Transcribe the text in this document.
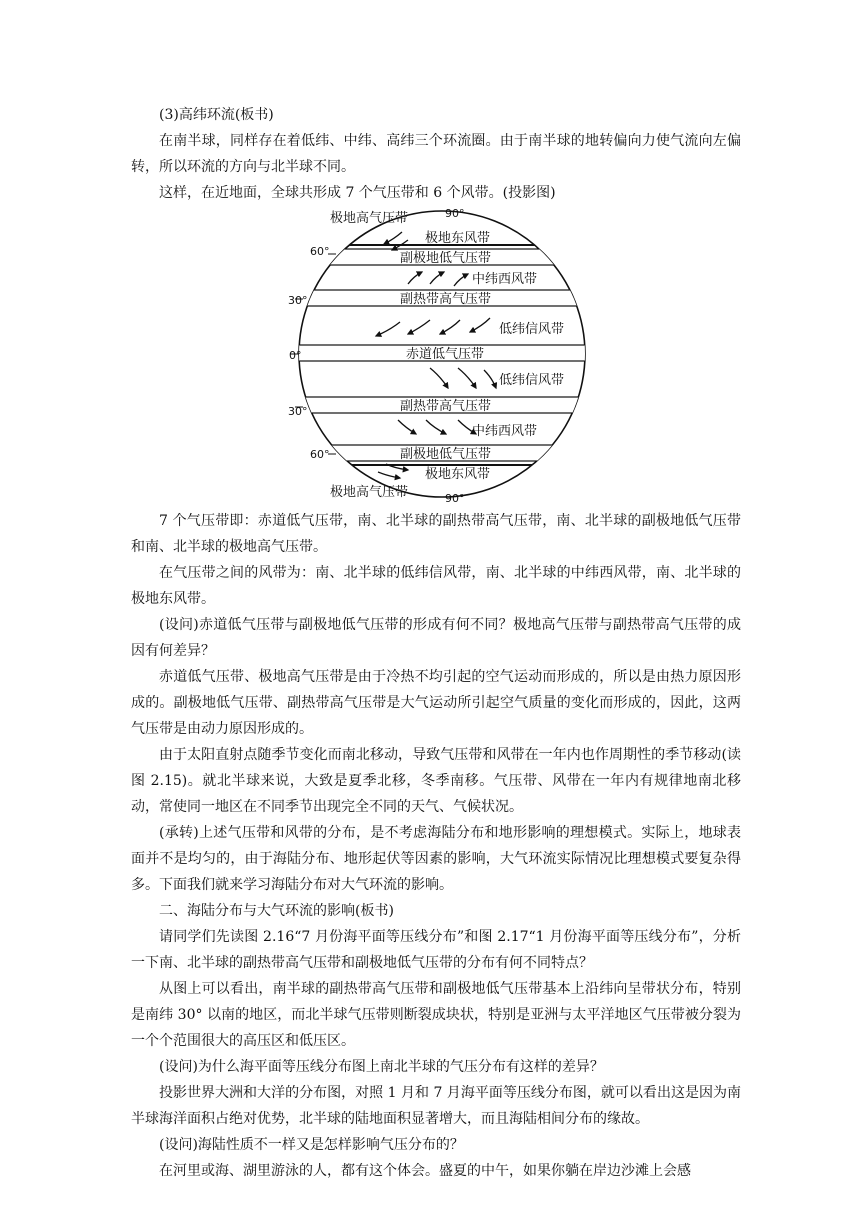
(3)高纬环流(板书)

在南半球，同样存在着低纬、中纬、高纬三个环流圈。由于南半球的地转偏向力使气流向左偏转，所以环流的方向与北半球不同。

这样，在近地面，全球共形成 7 个气压带和 6 个风带。(投影图)

90°
60°
30°
0°
30°
60°
90°
极地高气压带
极地东风带
副极地低气压带
中纬西风带
副热带高气压带
低纬信风带
赤道低气压带
低纬信风带
副热带高气压带
中纬西风带
副极地低气压带
极地东风带
极地高气压带

7 个气压带即：赤道低气压带，南、北半球的副热带高气压带，南、北半球的副极地低气压带和南、北半球的极地高气压带。

在气压带之间的风带为：南、北半球的低纬信风带，南、北半球的中纬西风带，南、北半球的极地东风带。

(设问)赤道低气压带与副极地低气压带的形成有何不同？极地高气压带与副热带高气压带的成因有何差异？

赤道低气压带、极地高气压带是由于冷热不均引起的空气运动而形成的，所以是由热力原因形成的。副极地低气压带、副热带高气压带是大气运动所引起空气质量的变化而形成的，因此，这两气压带是由动力原因形成的。

由于太阳直射点随季节变化而南北移动，导致气压带和风带在一年内也作周期性的季节移动(读图 2.15)。就北半球来说，大致是夏季北移，冬季南移。气压带、风带在一年内有规律地南北移动，常使同一地区在不同季节出现完全不同的天气、气候状况。

(承转)上述气压带和风带的分布，是不考虑海陆分布和地形影响的理想模式。实际上，地球表面并不是均匀的，由于海陆分布、地形起伏等因素的影响，大气环流实际情况比理想模式要复杂得多。下面我们就来学习海陆分布对大气环流的影响。

二、海陆分布与大气环流的影响(板书)

请同学们先读图 2.16“7 月份海平面等压线分布”和图 2.17“1 月份海平面等压线分布”，分析一下南、北半球的副热带高气压带和副极地低气压带的分布有何不同特点？

从图上可以看出，南半球的副热带高气压带和副极地低气压带基本上沿纬向呈带状分布，特别是南纬 30° 以南的地区，而北半球气压带则断裂成块状，特别是亚洲与太平洋地区气压带被分裂为一个个范围很大的高压区和低压区。

(设问)为什么海平面等压线分布图上南北半球的气压分布有这样的差异？

投影世界大洲和大洋的分布图，对照 1 月和 7 月海平面等压线分布图，就可以看出这是因为南半球海洋面积占绝对优势，北半球的陆地面积显著增大，而且海陆相间分布的缘故。

(设问)海陆性质不一样又是怎样影响气压分布的？

在河里或海、湖里游泳的人，都有这个体会。盛夏的中午，如果你躺在岸边沙滩上会感
